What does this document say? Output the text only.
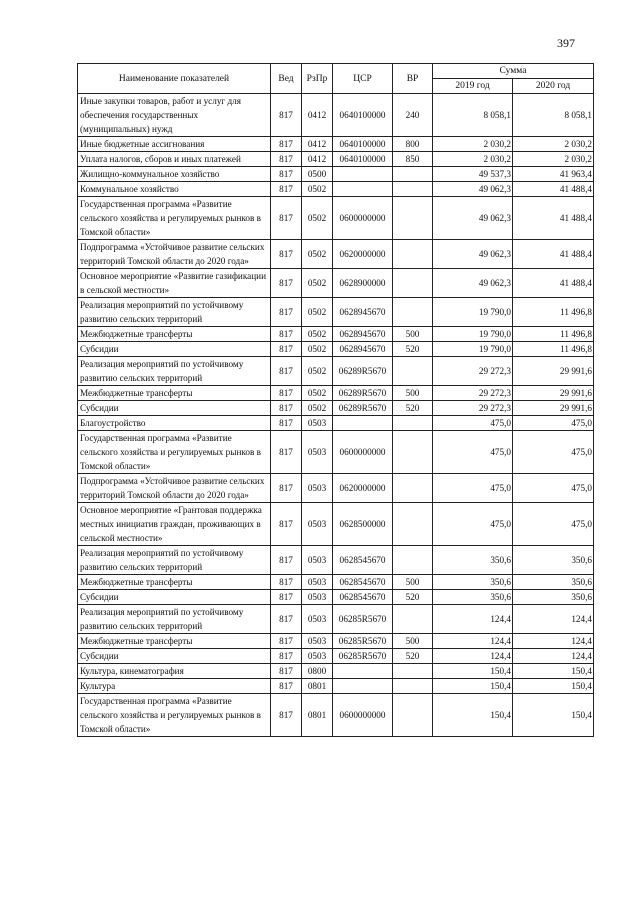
397
Наименование показателей	Вед	РзПр	ЦСР	ВР	Сумма	
					2019 год	2020 год
Иные закупки товаров, работ и услуг для обеспечения государственных (муниципальных) нужд	817	0412	0640100000	240	8 058,1	8 058,1
Иные бюджетные ассигнования	817	0412	0640100000	800	2 030,2	2 030,2
Уплата налогов, сборов и иных платежей	817	0412	0640100000	850	2 030,2	2 030,2
Жилищно-коммунальное хозяйство	817	0500			49 537,3	41 963,4
Коммунальное хозяйство	817	0502			49 062,3	41 488,4
Государственная программа «Развитие сельского хозяйства и регулируемых рынков в Томской области»	817	0502	0600000000		49 062,3	41 488,4
Подпрограмма «Устойчивое развитие сельских территорий Томской области до 2020 года»	817	0502	0620000000		49 062,3	41 488,4
Основное мероприятие «Развитие газификации в сельской местности»	817	0502	0628900000		49 062,3	41 488,4
Реализация мероприятий по устойчивому развитию сельских территорий	817	0502	0628945670		19 790,0	11 496,8
Межбюджетные трансферты	817	0502	0628945670	500	19 790,0	11 496,8
Субсидии	817	0502	0628945670	520	19 790,0	11 496,8
Реализация мероприятий по устойчивому развитию сельских территорий	817	0502	06289R5670		29 272,3	29 991,6
Межбюджетные трансферты	817	0502	06289R5670	500	29 272,3	29 991,6
Субсидии	817	0502	06289R5670	520	29 272,3	29 991,6
Благоустройство	817	0503			475,0	475,0
Государственная программа «Развитие сельского хозяйства и регулируемых рынков в Томской области»	817	0503	0600000000		475,0	475,0
Подпрограмма «Устойчивое развитие сельских территорий Томской области до 2020 года»	817	0503	0620000000		475,0	475,0
Основное мероприятие «Грантовая поддержка местных инициатив граждан, проживающих в сельской местности»	817	0503	0628500000		475,0	475,0
Реализация мероприятий по устойчивому развитию сельских территорий	817	0503	0628545670		350,6	350,6
Межбюджетные трансферты	817	0503	0628545670	500	350,6	350,6
Субсидии	817	0503	0628545670	520	350,6	350,6
Реализация мероприятий по устойчивому развитию сельских территорий	817	0503	06285R5670		124,4	124,4
Межбюджетные трансферты	817	0503	06285R5670	500	124,4	124,4
Субсидии	817	0503	06285R5670	520	124,4	124,4
Культура, кинематография	817	0800			150,4	150,4
Культура	817	0801			150,4	150,4
Государственная программа «Развитие сельского хозяйства и регулируемых рынков в Томской области»	817	0801	0600000000		150,4	150,4
